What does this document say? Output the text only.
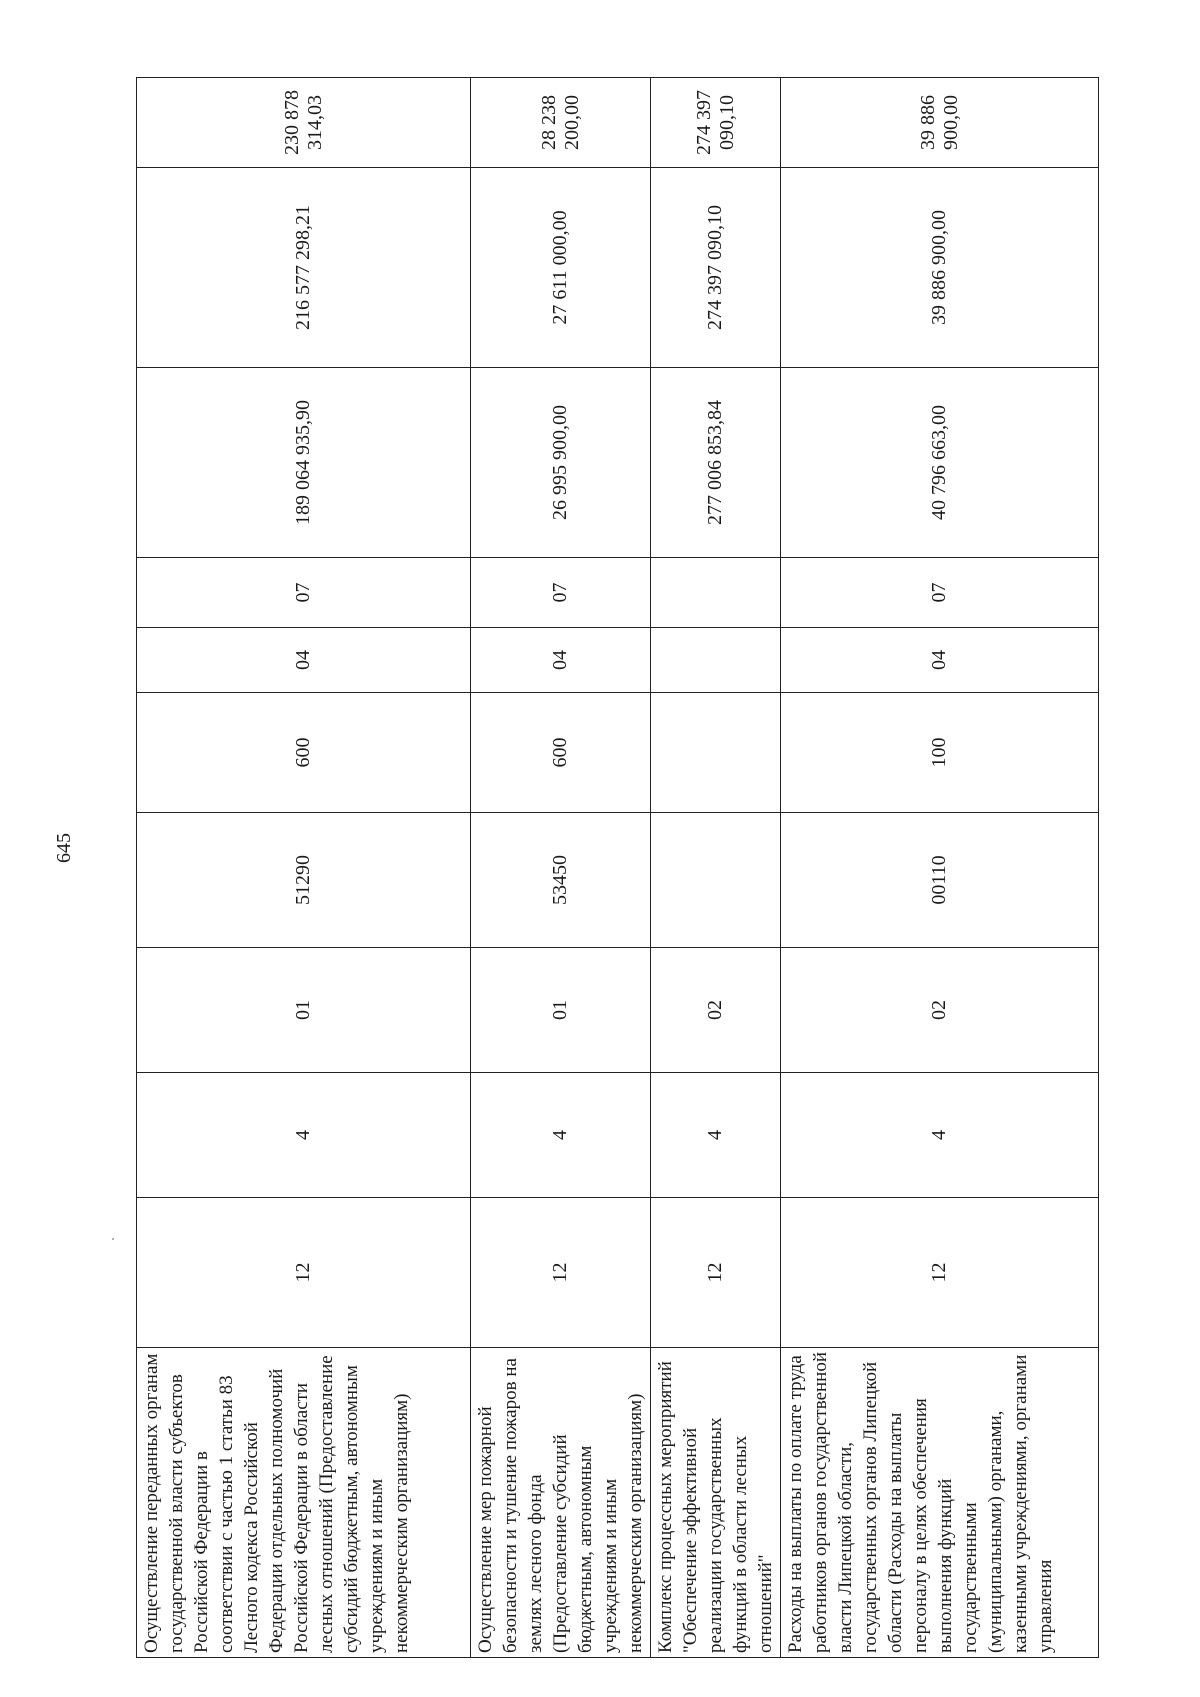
645
Осуществление переданных органам государственной власти субъектов Российской Федерации в соответствии с частью 1 статьи 83 Лесного кодекса Российской Федерации отдельных полномочий Российской Федерации в области лесных отношений (Предоставление субсидий бюджетным, автономным учреждениям и иным некоммерческим организациям)	12	4	01	51290	600	04	07	189 064 935,90	216 577 298,21	230 878 314,03
Осуществление мер пожарной безопасности и тушение пожаров на землях лесного фонда (Предоставление субсидий бюджетным, автономным учреждениям и иным некоммерческим организациям)	12	4	01	53450	600	04	07	26 995 900,00	27 611 000,00	28 238 200,00
Комплекс процессных мероприятий "Обеспечение эффективной реализации государственных функций в области лесных отношений"	12	4	02					277 006 853,84	274 397 090,10	274 397 090,10
Расходы на выплаты по оплате труда работников органов государственной власти Липецкой области, государственных органов Липецкой области (Расходы на выплаты персоналу в целях обеспечения выполнения функций государственными (муниципальными) органами, казенными учреждениями, органами управления	12	4	02	00110	100	04	07	40 796 663,00	39 886 900,00	39 886 900,00
